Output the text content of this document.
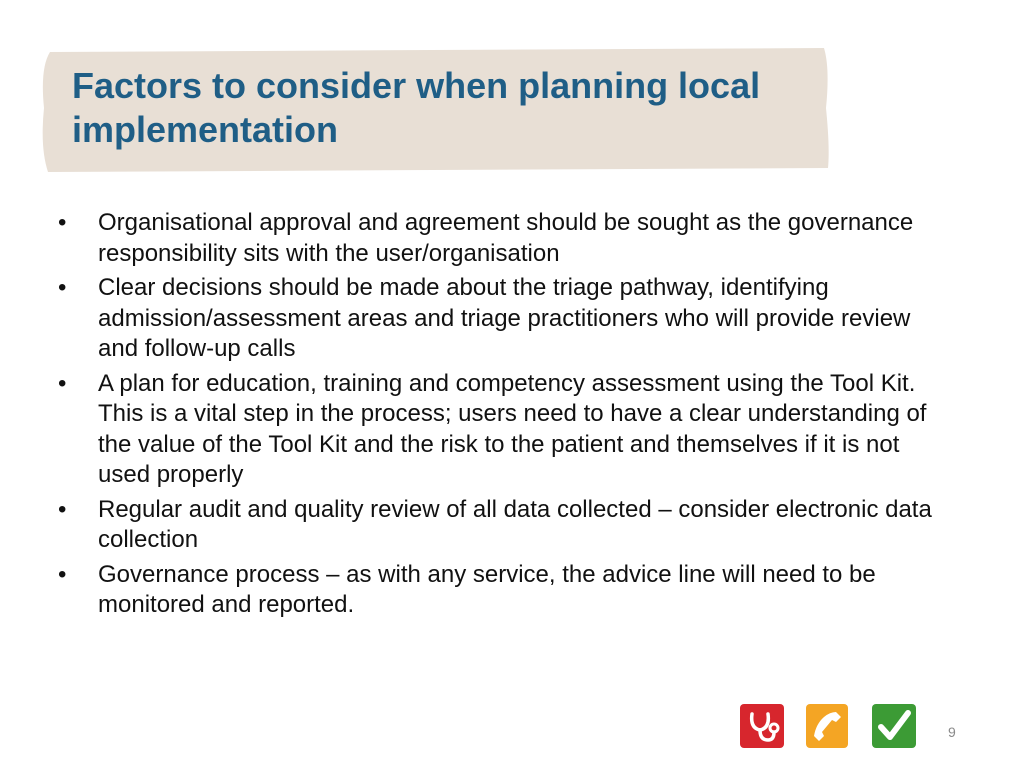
Factors to consider when planning local implementation
• Organisational approval and agreement should be sought as the governance responsibility sits with the user/organisation
• Clear decisions should be made about the triage pathway, identifying admission/assessment areas and triage practitioners who will provide review and follow-up calls
• A plan for education, training and competency assessment using the Tool Kit. This is a vital step in the process; users need to have a clear understanding of the value of the Tool Kit and the risk to the patient and themselves if it is not used properly
• Regular audit and quality review of all data collected – consider electronic data collection
• Governance process – as with any service, the advice line will need to be monitored and reported.
9
